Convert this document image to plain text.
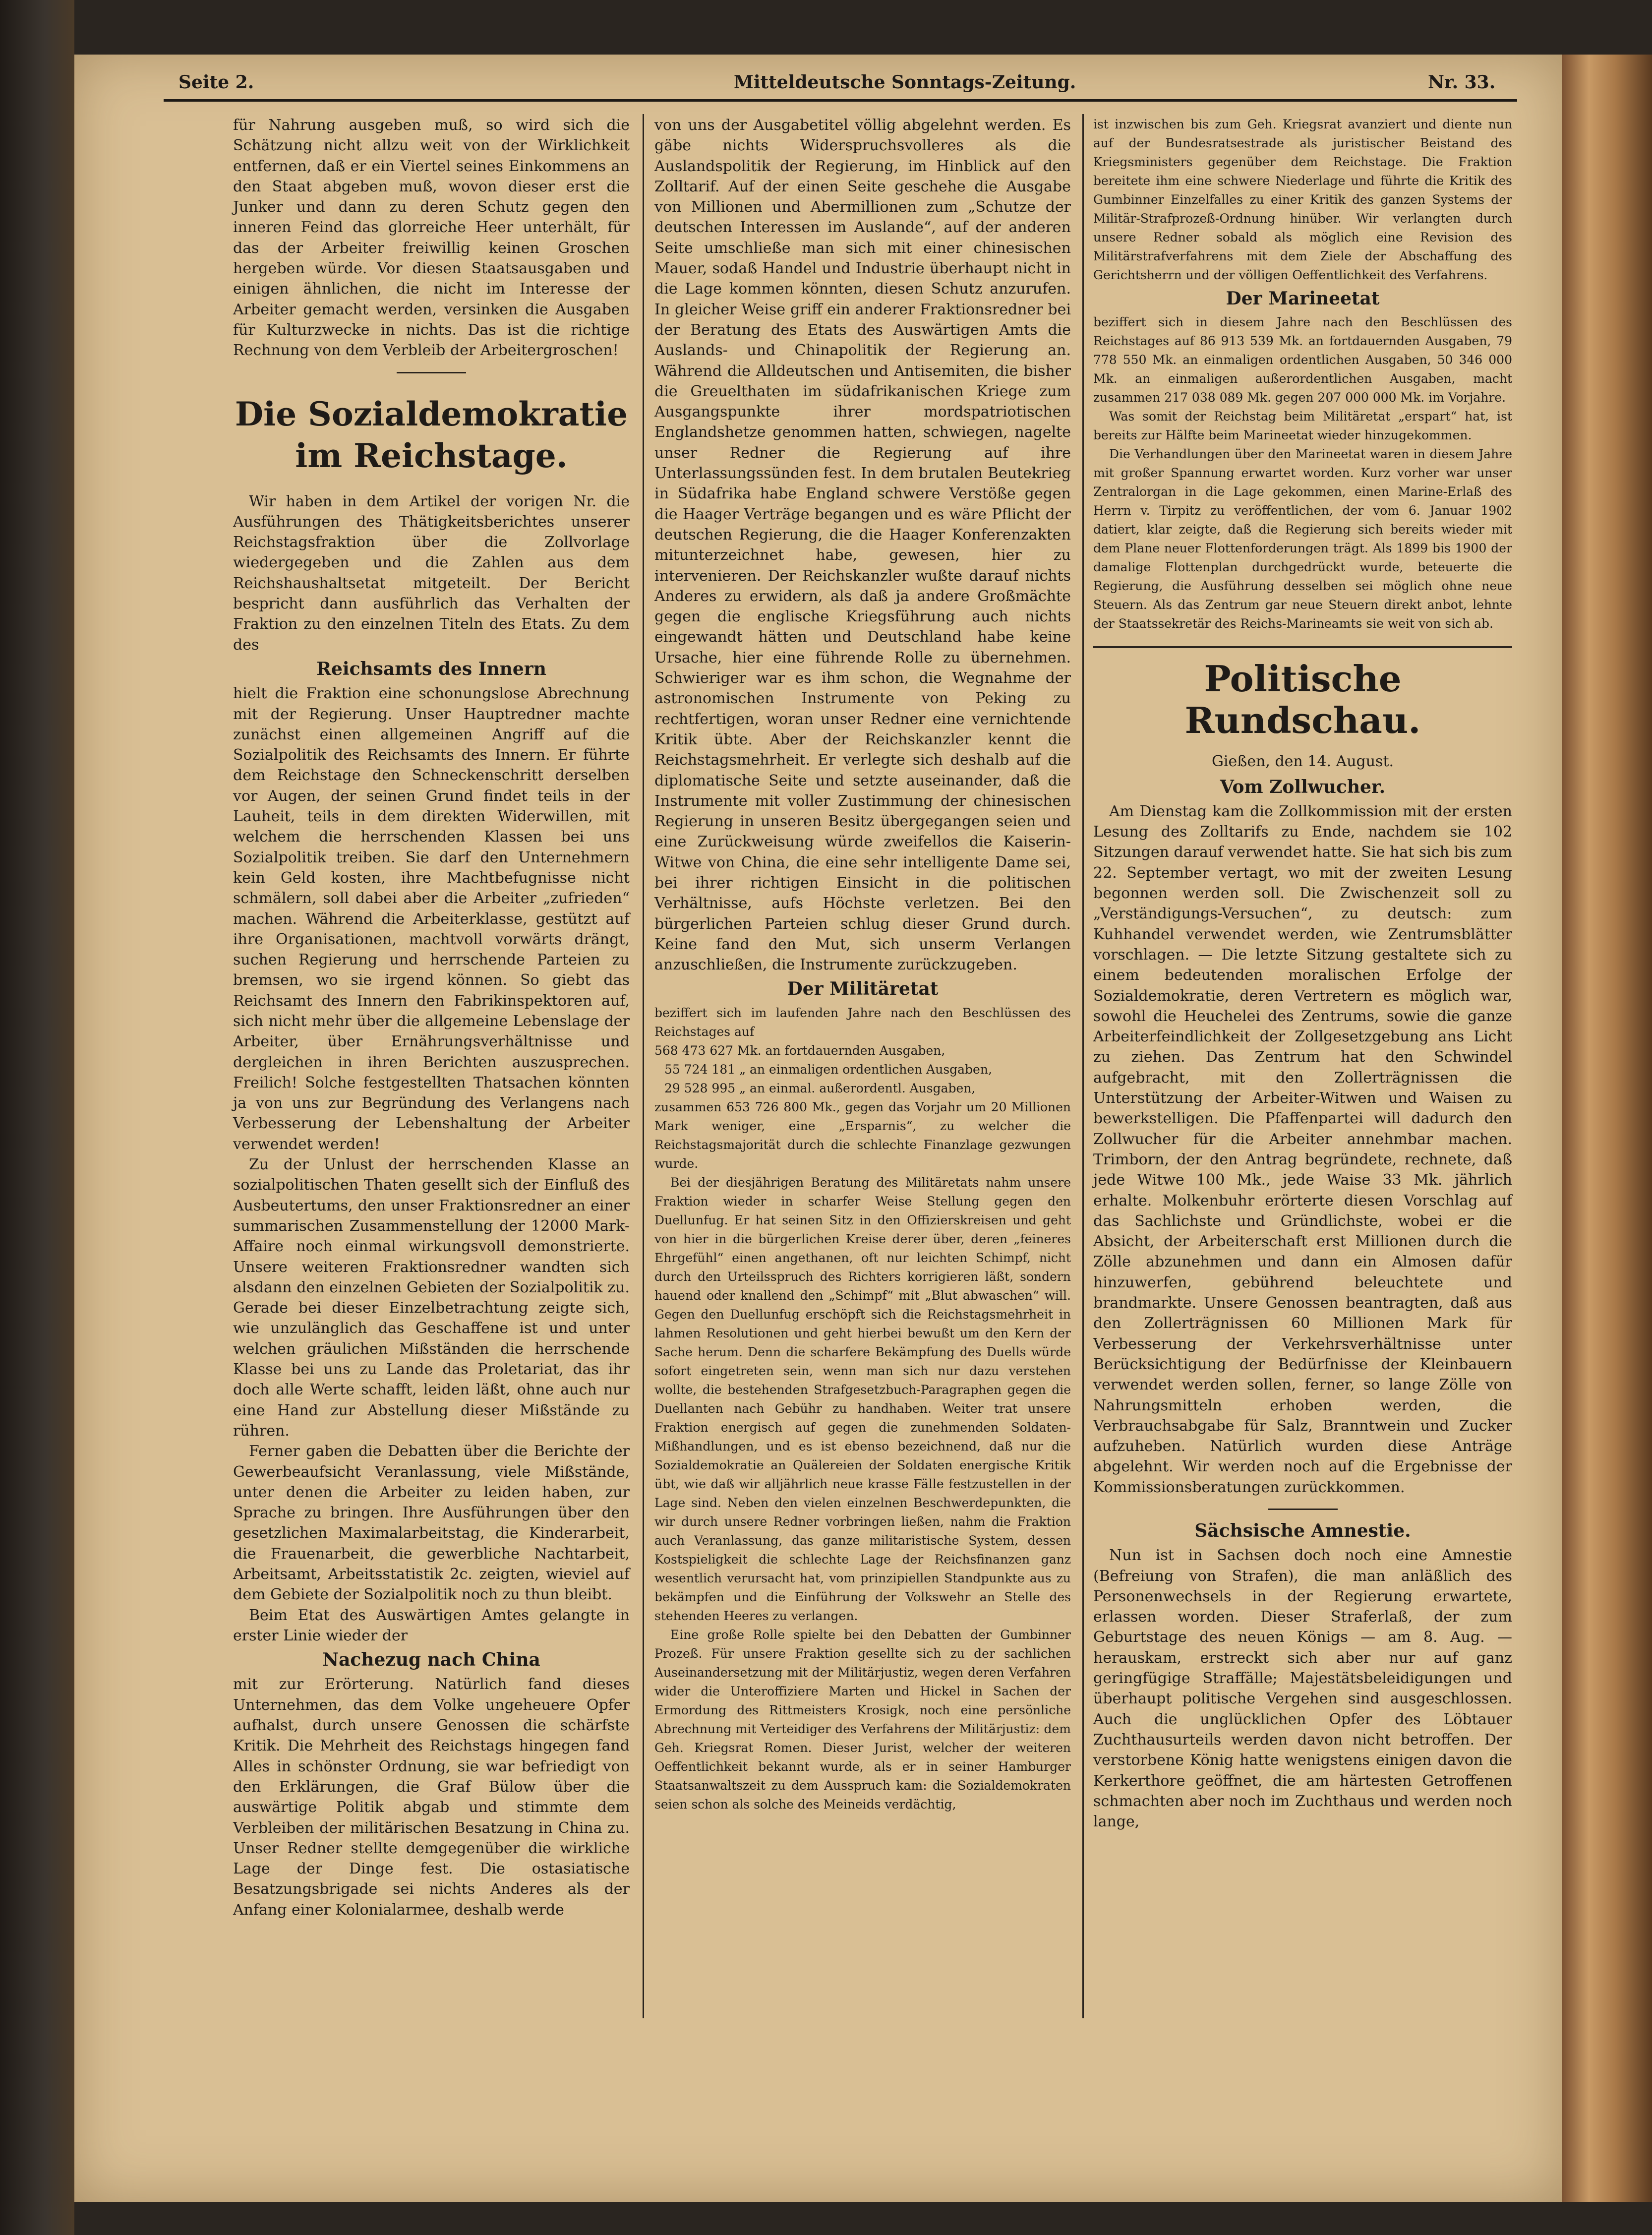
Seite 2.	Mitteldeutsche Sonntags-Zeitung.	Nr. 33.

für Nahrung ausgeben muß, so wird sich die Schätzung nicht allzu weit von der Wirklichkeit entfernen, daß er ein Viertel seines Einkommens an den Staat abgeben muß, wovon dieser erst die Junker und dann zu deren Schutz gegen den inneren Feind das glorreiche Heer unterhält, für das der Arbeiter freiwillig keinen Groschen hergeben würde. Vor diesen Staatsausgaben und einigen ähnlichen, die nicht im Interesse der Arbeiter gemacht werden, versinken die Ausgaben für Kulturzwecke in nichts. Das ist die richtige Rechnung von dem Verbleib der Arbeitergroschen!

Die Sozialdemokratie im Reichstage.

Wir haben in dem Artikel der vorigen Nr. die Ausführungen des Thätigkeitsberichtes unserer Reichstagsfraktion über die Zollvorlage wiedergegeben und die Zahlen aus dem Reichshaushaltsetat mitgeteilt. Der Bericht bespricht dann ausführlich das Verhalten der Fraktion zu den einzelnen Titeln des Etats. Zu dem des

Reichsamts des Innern

hielt die Fraktion eine schonungslose Abrechnung mit der Regierung. Unser Hauptredner machte zunächst einen allgemeinen Angriff auf die Sozialpolitik des Reichsamts des Innern. Er führte dem Reichstage den Schneckenschritt derselben vor Augen, der seinen Grund findet teils in der Lauheit, teils in dem direkten Widerwillen, mit welchem die herrschenden Klassen bei uns Sozialpolitik treiben. Sie darf den Unternehmern kein Geld kosten, ihre Machtbefugnisse nicht schmälern, soll dabei aber die Arbeiter „zufrieden“ machen. Während die Arbeiterklasse, gestützt auf ihre Organisationen, machtvoll vorwärts drängt, suchen Regierung und herrschende Parteien zu bremsen, wo sie irgend können. So giebt das Reichsamt des Innern den Fabrikinspektoren auf, sich nicht mehr über die allgemeine Lebenslage der Arbeiter, über Ernährungsverhältnisse und dergleichen in ihren Berichten auszusprechen. Freilich! Solche festgestellten Thatsachen könnten ja von uns zur Begründung des Verlangens nach Verbesserung der Lebenshaltung der Arbeiter verwendet werden!

Zu der Unlust der herrschenden Klasse an sozialpolitischen Thaten gesellt sich der Einfluß des Ausbeutertums, den unser Fraktionsredner an einer summarischen Zusammenstellung der 12000 Mark-Affaire noch einmal wirkungsvoll demonstrierte. Unsere weiteren Fraktionsredner wandten sich alsdann den einzelnen Gebieten der Sozialpolitik zu. Gerade bei dieser Einzelbetrachtung zeigte sich, wie unzulänglich das Geschaffene ist und unter welchen gräulichen Mißständen die herrschende Klasse bei uns zu Lande das Proletariat, das ihr doch alle Werte schafft, leiden läßt, ohne auch nur eine Hand zur Abstellung dieser Mißstände zu rühren.

Ferner gaben die Debatten über die Berichte der Gewerbeaufsicht Veranlassung, viele Mißstände, unter denen die Arbeiter zu leiden haben, zur Sprache zu bringen. Ihre Ausführungen über den gesetzlichen Maximalarbeitstag, die Kinderarbeit, die Frauenarbeit, die gewerbliche Nachtarbeit, Arbeitsamt, Arbeitsstatistik 2c. zeigten, wieviel auf dem Gebiete der Sozialpolitik noch zu thun bleibt.

Beim Etat des Auswärtigen Amtes gelangte in erster Linie wieder der

Nachezug nach China

mit zur Erörterung. Natürlich fand dieses Unternehmen, das dem Volke ungeheuere Opfer aufhalst, durch unsere Genossen die schärfste Kritik. Die Mehrheit des Reichstags hingegen fand Alles in schönster Ordnung, sie war befriedigt von den Erklärungen, die Graf Bülow über die auswärtige Politik abgab und stimmte dem Verbleiben der militärischen Besatzung in China zu. Unser Redner stellte demgegenüber die wirkliche Lage der Dinge fest. Die ostasiatische Besatzungsbrigade sei nichts Anderes als der Anfang einer Kolonialarmee, deshalb werde

von uns der Ausgabetitel völlig abgelehnt werden. Es gäbe nichts Widerspruchsvolleres als die Auslandspolitik der Regierung, im Hinblick auf den Zolltarif. Auf der einen Seite geschehe die Ausgabe von Millionen und Abermillionen zum „Schutze der deutschen Interessen im Auslande“, auf der anderen Seite umschließe man sich mit einer chinesischen Mauer, sodaß Handel und Industrie überhaupt nicht in die Lage kommen könnten, diesen Schutz anzurufen. In gleicher Weise griff ein anderer Fraktionsredner bei der Beratung des Etats des Auswärtigen Amts die Auslands- und Chinapolitik der Regierung an. Während die Alldeutschen und Antisemiten, die bisher die Greuelthaten im südafrikanischen Kriege zum Ausgangspunkte ihrer mordspatriotischen Englandshetze genommen hatten, schwiegen, nagelte unser Redner die Regierung auf ihre Unterlassungssünden fest. In dem brutalen Beutekrieg in Südafrika habe England schwere Verstöße gegen die Haager Verträge begangen und es wäre Pflicht der deutschen Regierung, die die Haager Konferenzakten mitunterzeichnet habe, gewesen, hier zu intervenieren. Der Reichskanzler wußte darauf nichts Anderes zu erwidern, als daß ja andere Großmächte gegen die englische Kriegsführung auch nichts eingewandt hätten und Deutschland habe keine Ursache, hier eine führende Rolle zu übernehmen. Schwieriger war es ihm schon, die Wegnahme der astronomischen Instrumente von Peking zu rechtfertigen, woran unser Redner eine vernichtende Kritik übte. Aber der Reichskanzler kennt die Reichstagsmehrheit. Er verlegte sich deshalb auf die diplomatische Seite und setzte auseinander, daß die Instrumente mit voller Zustimmung der chinesischen Regierung in unseren Besitz übergegangen seien und eine Zurückweisung würde zweifellos die Kaiserin-Witwe von China, die eine sehr intelligente Dame sei, bei ihrer richtigen Einsicht in die politischen Verhältnisse, aufs Höchste verletzen. Bei den bürgerlichen Parteien schlug dieser Grund durch. Keine fand den Mut, sich unserm Verlangen anzuschließen, die Instrumente zurückzugeben.

Der Militäretat

beziffert sich im laufenden Jahre nach den Beschlüssen des Reichstages auf

568 473 627 Mk. an fortdauernden Ausgaben,

55 724 181 „ an einmaligen ordentlichen Ausgaben,

29 528 995 „ an einmal. außerordentl. Ausgaben,

zusammen 653 726 800 Mk., gegen das Vorjahr um 20 Millionen Mark weniger, eine „Ersparnis“, zu welcher die Reichstagsmajorität durch die schlechte Finanzlage gezwungen wurde.

Bei der diesjährigen Beratung des Militäretats nahm unsere Fraktion wieder in scharfer Weise Stellung gegen den Duellunfug. Er hat seinen Sitz in den Offizierskreisen und geht von hier in die bürgerlichen Kreise derer über, deren „feineres Ehrgefühl“ einen angethanen, oft nur leichten Schimpf, nicht durch den Urteilsspruch des Richters korrigieren läßt, sondern hauend oder knallend den „Schimpf“ mit „Blut abwaschen“ will. Gegen den Duellunfug erschöpft sich die Reichstagsmehrheit in lahmen Resolutionen und geht hierbei bewußt um den Kern der Sache herum. Denn die scharfere Bekämpfung des Duells würde sofort eingetreten sein, wenn man sich nur dazu verstehen wollte, die bestehenden Strafgesetzbuch-Paragraphen gegen die Duellanten nach Gebühr zu handhaben. Weiter trat unsere Fraktion energisch auf gegen die zunehmenden Soldaten-Mißhandlungen, und es ist ebenso bezeichnend, daß nur die Sozialdemokratie an Quälereien der Soldaten energische Kritik übt, wie daß wir alljährlich neue krasse Fälle festzustellen in der Lage sind. Neben den vielen einzelnen Beschwerdepunkten, die wir durch unsere Redner vorbringen ließen, nahm die Fraktion auch Veranlassung, das ganze militaristische System, dessen Kostspieligkeit die schlechte Lage der Reichsfinanzen ganz wesentlich verursacht hat, vom prinzipiellen Standpunkte aus zu bekämpfen und die Einführung der Volkswehr an Stelle des stehenden Heeres zu verlangen.

Eine große Rolle spielte bei den Debatten der Gumbinner Prozeß. Für unsere Fraktion gesellte sich zu der sachlichen Auseinandersetzung mit der Militärjustiz, wegen deren Verfahren wider die Unteroffiziere Marten und Hickel in Sachen der Ermordung des Rittmeisters Krosigk, noch eine persönliche Abrechnung mit Verteidiger des Verfahrens der Militärjustiz: dem Geh. Kriegsrat Romen. Dieser Jurist, welcher der weiteren Oeffentlichkeit bekannt wurde, als er in seiner Hamburger Staatsanwaltszeit zu dem Ausspruch kam: die Sozialdemokraten seien schon als solche des Meineids verdächtig,

ist inzwischen bis zum Geh. Kriegsrat avanziert und diente nun auf der Bundesratsestrade als juristischer Beistand des Kriegsministers gegenüber dem Reichstage. Die Fraktion bereitete ihm eine schwere Niederlage und führte die Kritik des Gumbinner Einzelfalles zu einer Kritik des ganzen Systems der Militär-Strafprozeß-Ordnung hinüber. Wir verlangten durch unsere Redner sobald als möglich eine Revision des Militärstrafverfahrens mit dem Ziele der Abschaffung des Gerichtsherrn und der völligen Oeffentlichkeit des Verfahrens.

Der Marineetat

beziffert sich in diesem Jahre nach den Beschlüssen des Reichstages auf 86 913 539 Mk. an fortdauernden Ausgaben, 79 778 550 Mk. an einmaligen ordentlichen Ausgaben, 50 346 000 Mk. an einmaligen außerordentlichen Ausgaben, macht zusammen 217 038 089 Mk. gegen 207 000 000 Mk. im Vorjahre.

Was somit der Reichstag beim Militäretat „erspart“ hat, ist bereits zur Hälfte beim Marineetat wieder hinzugekommen.

Die Verhandlungen über den Marineetat waren in diesem Jahre mit großer Spannung erwartet worden. Kurz vorher war unser Zentralorgan in die Lage gekommen, einen Marine-Erlaß des Herrn v. Tirpitz zu veröffentlichen, der vom 6. Januar 1902 datiert, klar zeigte, daß die Regierung sich bereits wieder mit dem Plane neuer Flottenforderungen trägt. Als 1899 bis 1900 der damalige Flottenplan durchgedrückt wurde, beteuerte die Regierung, die Ausführung desselben sei möglich ohne neue Steuern. Als das Zentrum gar neue Steuern direkt anbot, lehnte der Staatssekretär des Reichs-Marineamts sie weit von sich ab.

Politische Rundschau.
Gießen, den 14. August.
Vom Zollwucher.

Am Dienstag kam die Zollkommission mit der ersten Lesung des Zolltarifs zu Ende, nachdem sie 102 Sitzungen darauf verwendet hatte. Sie hat sich bis zum 22. September vertagt, wo mit der zweiten Lesung begonnen werden soll. Die Zwischenzeit soll zu „Verständigungs-Versuchen“, zu deutsch: zum Kuhhandel verwendet werden, wie Zentrumsblätter vorschlagen. — Die letzte Sitzung gestaltete sich zu einem bedeutenden moralischen Erfolge der Sozialdemokratie, deren Vertretern es möglich war, sowohl die Heuchelei des Zentrums, sowie die ganze Arbeiterfeindlichkeit der Zollgesetzgebung ans Licht zu ziehen. Das Zentrum hat den Schwindel aufgebracht, mit den Zollerträgnissen die Unterstützung der Arbeiter-Witwen und Waisen zu bewerkstelligen. Die Pfaffenpartei will dadurch den Zollwucher für die Arbeiter annehmbar machen. Trimborn, der den Antrag begründete, rechnete, daß jede Witwe 100 Mk., jede Waise 33 Mk. jährlich erhalte. Molkenbuhr erörterte diesen Vorschlag auf das Sachlichste und Gründlichste, wobei er die Absicht, der Arbeiterschaft erst Millionen durch die Zölle abzunehmen und dann ein Almosen dafür hinzuwerfen, gebührend beleuchtete und brandmarkte. Unsere Genossen beantragten, daß aus den Zollerträgnissen 60 Millionen Mark für Verbesserung der Verkehrsverhältnisse unter Berücksichtigung der Bedürfnisse der Kleinbauern verwendet werden sollen, ferner, so lange Zölle von Nahrungsmitteln erhoben werden, die Verbrauchsabgabe für Salz, Branntwein und Zucker aufzuheben. Natürlich wurden diese Anträge abgelehnt. Wir werden noch auf die Ergebnisse der Kommissionsberatungen zurückkommen.

Sächsische Amnestie.

Nun ist in Sachsen doch noch eine Amnestie (Befreiung von Strafen), die man anläßlich des Personenwechsels in der Regierung erwartete, erlassen worden. Dieser Straferlaß, der zum Geburtstage des neuen Königs — am 8. Aug. — herauskam, erstreckt sich aber nur auf ganz geringfügige Straffälle; Majestätsbeleidigungen und überhaupt politische Vergehen sind ausgeschlossen. Auch die unglücklichen Opfer des Löbtauer Zuchthausurteils werden davon nicht betroffen. Der verstorbene König hatte wenigstens einigen davon die Kerkerthore geöffnet, die am härtesten Getroffenen schmachten aber noch im Zuchthaus und werden noch lange,
